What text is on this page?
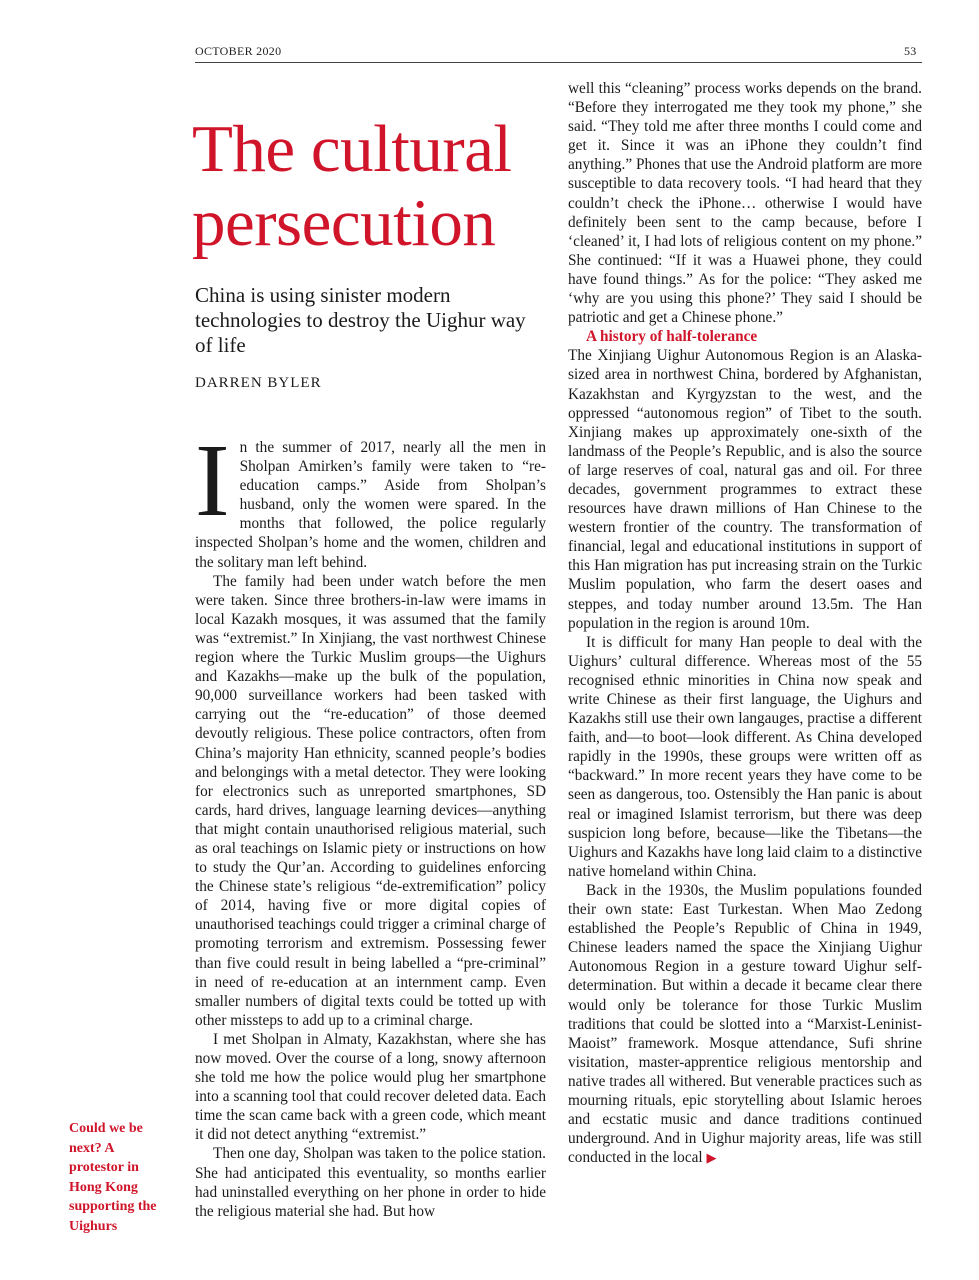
OCTOBER 2020	53
The cultural persecution

China is using sinister modern technologies to destroy the Uighur way of life

DARREN BYLER

In the summer of 2017, nearly all the men in Sholpan Amirken’s family were taken to “re-education camps.” Aside from Sholpan’s husband, only the women were spared. In the months that followed, the police regularly inspected Sholpan’s home and the women, children and the solitary man left behind.

The family had been under watch before the men were taken. Since three brothers-in-law were imams in local Kazakh mosques, it was assumed that the family was “extremist.” In Xinjiang, the vast northwest Chinese region where the Turkic Muslim groups—the Uighurs and Kazakhs—make up the bulk of the population, 90,000 surveillance workers had been tasked with carrying out the “re-education” of those deemed devoutly religious. These police contractors, often from China’s majority Han ethnicity, scanned people’s bodies and belongings with a metal detector. They were looking for electronics such as unreported smartphones, SD cards, hard drives, language learning devices—anything that might contain unauthorised religious material, such as oral teachings on Islamic piety or instructions on how to study the Qur’an. According to guidelines enforcing the Chinese state’s religious “de-extremification” policy of 2014, having five or more digital copies of unauthorised teachings could trigger a criminal charge of promoting terrorism and extremism. Possessing fewer than five could result in being labelled a “pre-criminal” in need of re-education at an internment camp. Even smaller numbers of digital texts could be totted up with other missteps to add up to a criminal charge.

I met Sholpan in Almaty, Kazakhstan, where she has now moved. Over the course of a long, snowy afternoon she told me how the police would plug her smartphone into a scanning tool that could recover deleted data. Each time the scan came back with a green code, which meant it did not detect anything “extremist.”

Then one day, Sholpan was taken to the police station. She had anticipated this eventuality, so months earlier had uninstalled everything on her phone in order to hide the religious material she had. But how

well this “cleaning” process works depends on the brand. “Before they interrogated me they took my phone,” she said. “They told me after three months I could come and get it. Since it was an iPhone they couldn’t find anything.” Phones that use the Android platform are more susceptible to data recovery tools. “I had heard that they couldn’t check the iPhone… otherwise I would have definitely been sent to the camp because, before I ‘cleaned’ it, I had lots of religious content on my phone.” She continued: “If it was a Huawei phone, they could have found things.” As for the police: “They asked me ‘why are you using this phone?’ They said I should be patriotic and get a Chinese phone.”

A history of half-tolerance

The Xinjiang Uighur Autonomous Region is an Alaska-sized area in northwest China, bordered by Afghanistan, Kazakhstan and Kyrgyzstan to the west, and the oppressed “autonomous region” of Tibet to the south. Xinjiang makes up approximately one-sixth of the landmass of the People’s Republic, and is also the source of large reserves of coal, natural gas and oil. For three decades, government programmes to extract these resources have drawn millions of Han Chinese to the western frontier of the country. The transformation of financial, legal and educational institutions in support of this Han migration has put increasing strain on the Turkic Muslim population, who farm the desert oases and steppes, and today number around 13.5m. The Han population in the region is around 10m.

It is difficult for many Han people to deal with the Uighurs’ cultural difference. Whereas most of the 55 recognised ethnic minorities in China now speak and write Chinese as their first language, the Uighurs and Kazakhs still use their own langauges, practise a different faith, and—to boot—look different. As China developed rapidly in the 1990s, these groups were written off as “backward.” In more recent years they have come to be seen as dangerous, too. Ostensibly the Han panic is about real or imagined Islamist terrorism, but there was deep suspicion long before, because—like the Tibetans—the Uighurs and Kazakhs have long laid claim to a distinctive native homeland within China.

Back in the 1930s, the Muslim populations founded their own state: East Turkestan. When Mao Zedong established the People’s Republic of China in 1949, Chinese leaders named the space the Xinjiang Uighur Autonomous Region in a gesture toward Uighur self-determination. But within a decade it became clear there would only be tolerance for those Turkic Muslim traditions that could be slotted into a “Marxist-Leninist-Maoist” framework. Mosque attendance, Sufi shrine visitation, master-apprentice religious mentorship and native trades all withered. But venerable practices such as mourning rituals, epic storytelling about Islamic heroes and ecstatic music and dance traditions continued underground. And in Uighur majority areas, life was still conducted in the local ▶

Could we be next? A protestor in Hong Kong supporting the Uighurs
